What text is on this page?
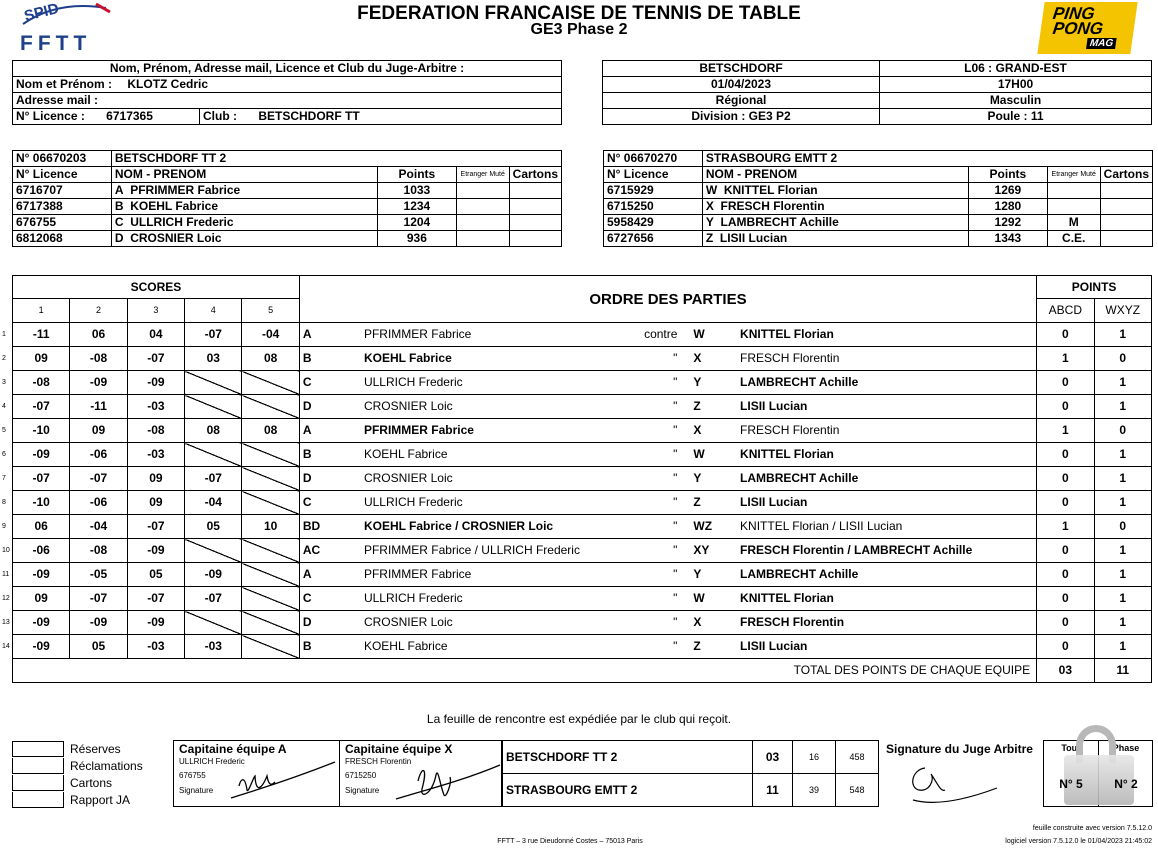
SPID
FFTT
FEDERATION FRANCAISE DE TENNIS DE TABLE
GE3 Phase 2
PING
PONG
MAG
Nom, Prénom, Adresse mail, Licence et Club du Juge-Arbitre :
Nom et Prénom : KLOTZ Cedric
Adresse mail :
N° Licence : 6717365	Club : BETSCHDORF TT
BETSCHDORF	L06 : GRAND-EST
01/04/2023	17H00
Régional	Masculin
Division : GE3 P2	Poule : 11
N° 06670203	BETSCHDORF TT 2			
N° Licence	NOM - PRENOM	Points	Etranger Muté	Cartons
6716707	A PFRIMMER Fabrice	1033		
6717388	B KOEHL Fabrice	1234		
676755	C ULLRICH Frederic	1204		
6812068	D CROSNIER Loic	936		
N° 06670270	STRASBOURG EMTT 2			
N° Licence	NOM - PRENOM	Points	Etranger Muté	Cartons
6715929	W KNITTEL Florian	1269		
6715250	X FRESCH Florentin	1280		
5958429	Y LAMBRECHT Achille	1292	M	
6727656	Z LISII Lucian	1343	C.E.	
SCORES					ORDRE DES PARTIES				POINTS	
1	2	3	4	5					ABCD	WXYZ

1 -11	06	04	-07	-04	A	PFRIMMER Fabrice	contre W	KNITTEL Florian	0	1

2 09	-08	-07	03	08	B	KOEHL Fabrice	" X	FRESCH Florentin	1	0

3 -08	-09	-09			C	ULLRICH Frederic	" Y	LAMBRECHT Achille	0	1

4 -07	-11	-03			D	CROSNIER Loic	" Z	LISII Lucian	0	1

5 -10	09	-08	08	08	A	PFRIMMER Fabrice	" X	FRESCH Florentin	1	0

6 -09	-06	-03			B	KOEHL Fabrice	" W	KNITTEL Florian	0	1

7 -07	-07	09	-07		D	CROSNIER Loic	" Y	LAMBRECHT Achille	0	1

8 -10	-06	09	-04		C	ULLRICH Frederic	" Z	LISII Lucian	0	1

9 06	-04	-07	05	10	BD	KOEHL Fabrice / CROSNIER Loic	" WZ	KNITTEL Florian / LISII Lucian	1	0

10 -06	-08	-09			AC	PFRIMMER Fabrice / ULLRICH Frederic	" XY	FRESCH Florentin / LAMBRECHT Achille	0	1

11 -09	-05	05	-09		A	PFRIMMER Fabrice	" Y	LAMBRECHT Achille	0	1

12 09	-07	-07	-07		C	ULLRICH Frederic	" W	KNITTEL Florian	0	1

13 -09	-09	-09			D	CROSNIER Loic	" X	FRESCH Florentin	0	1

14 -09	05	-03	-03		B	KOEHL Fabrice	" Z	LISII Lucian	0	1
TOTAL DES POINTS DE CHAQUE EQUIPE									03	11
La feuille de rencontre est expédiée par le club qui reçoit.
Réserves
Réclamations
Cartons
Rapport JA
Capitaine équipe A
ULLRICH Frederic
676755
Signature
Capitaine équipe X
FRESCH Florentin
6715250
Signature
BETSCHDORF TT 2	03	16	458
STRASBOURG EMTT 2	11	39	548
Signature du Juge Arbitre	Tour	Phase
N° 5	N° 2
FFTT – 3 rue Dieudonné Costes – 75013 Paris
feuille construite avec version 7.5.12.0
logiciel version 7.5.12.0 le 01/04/2023 21:45:02
